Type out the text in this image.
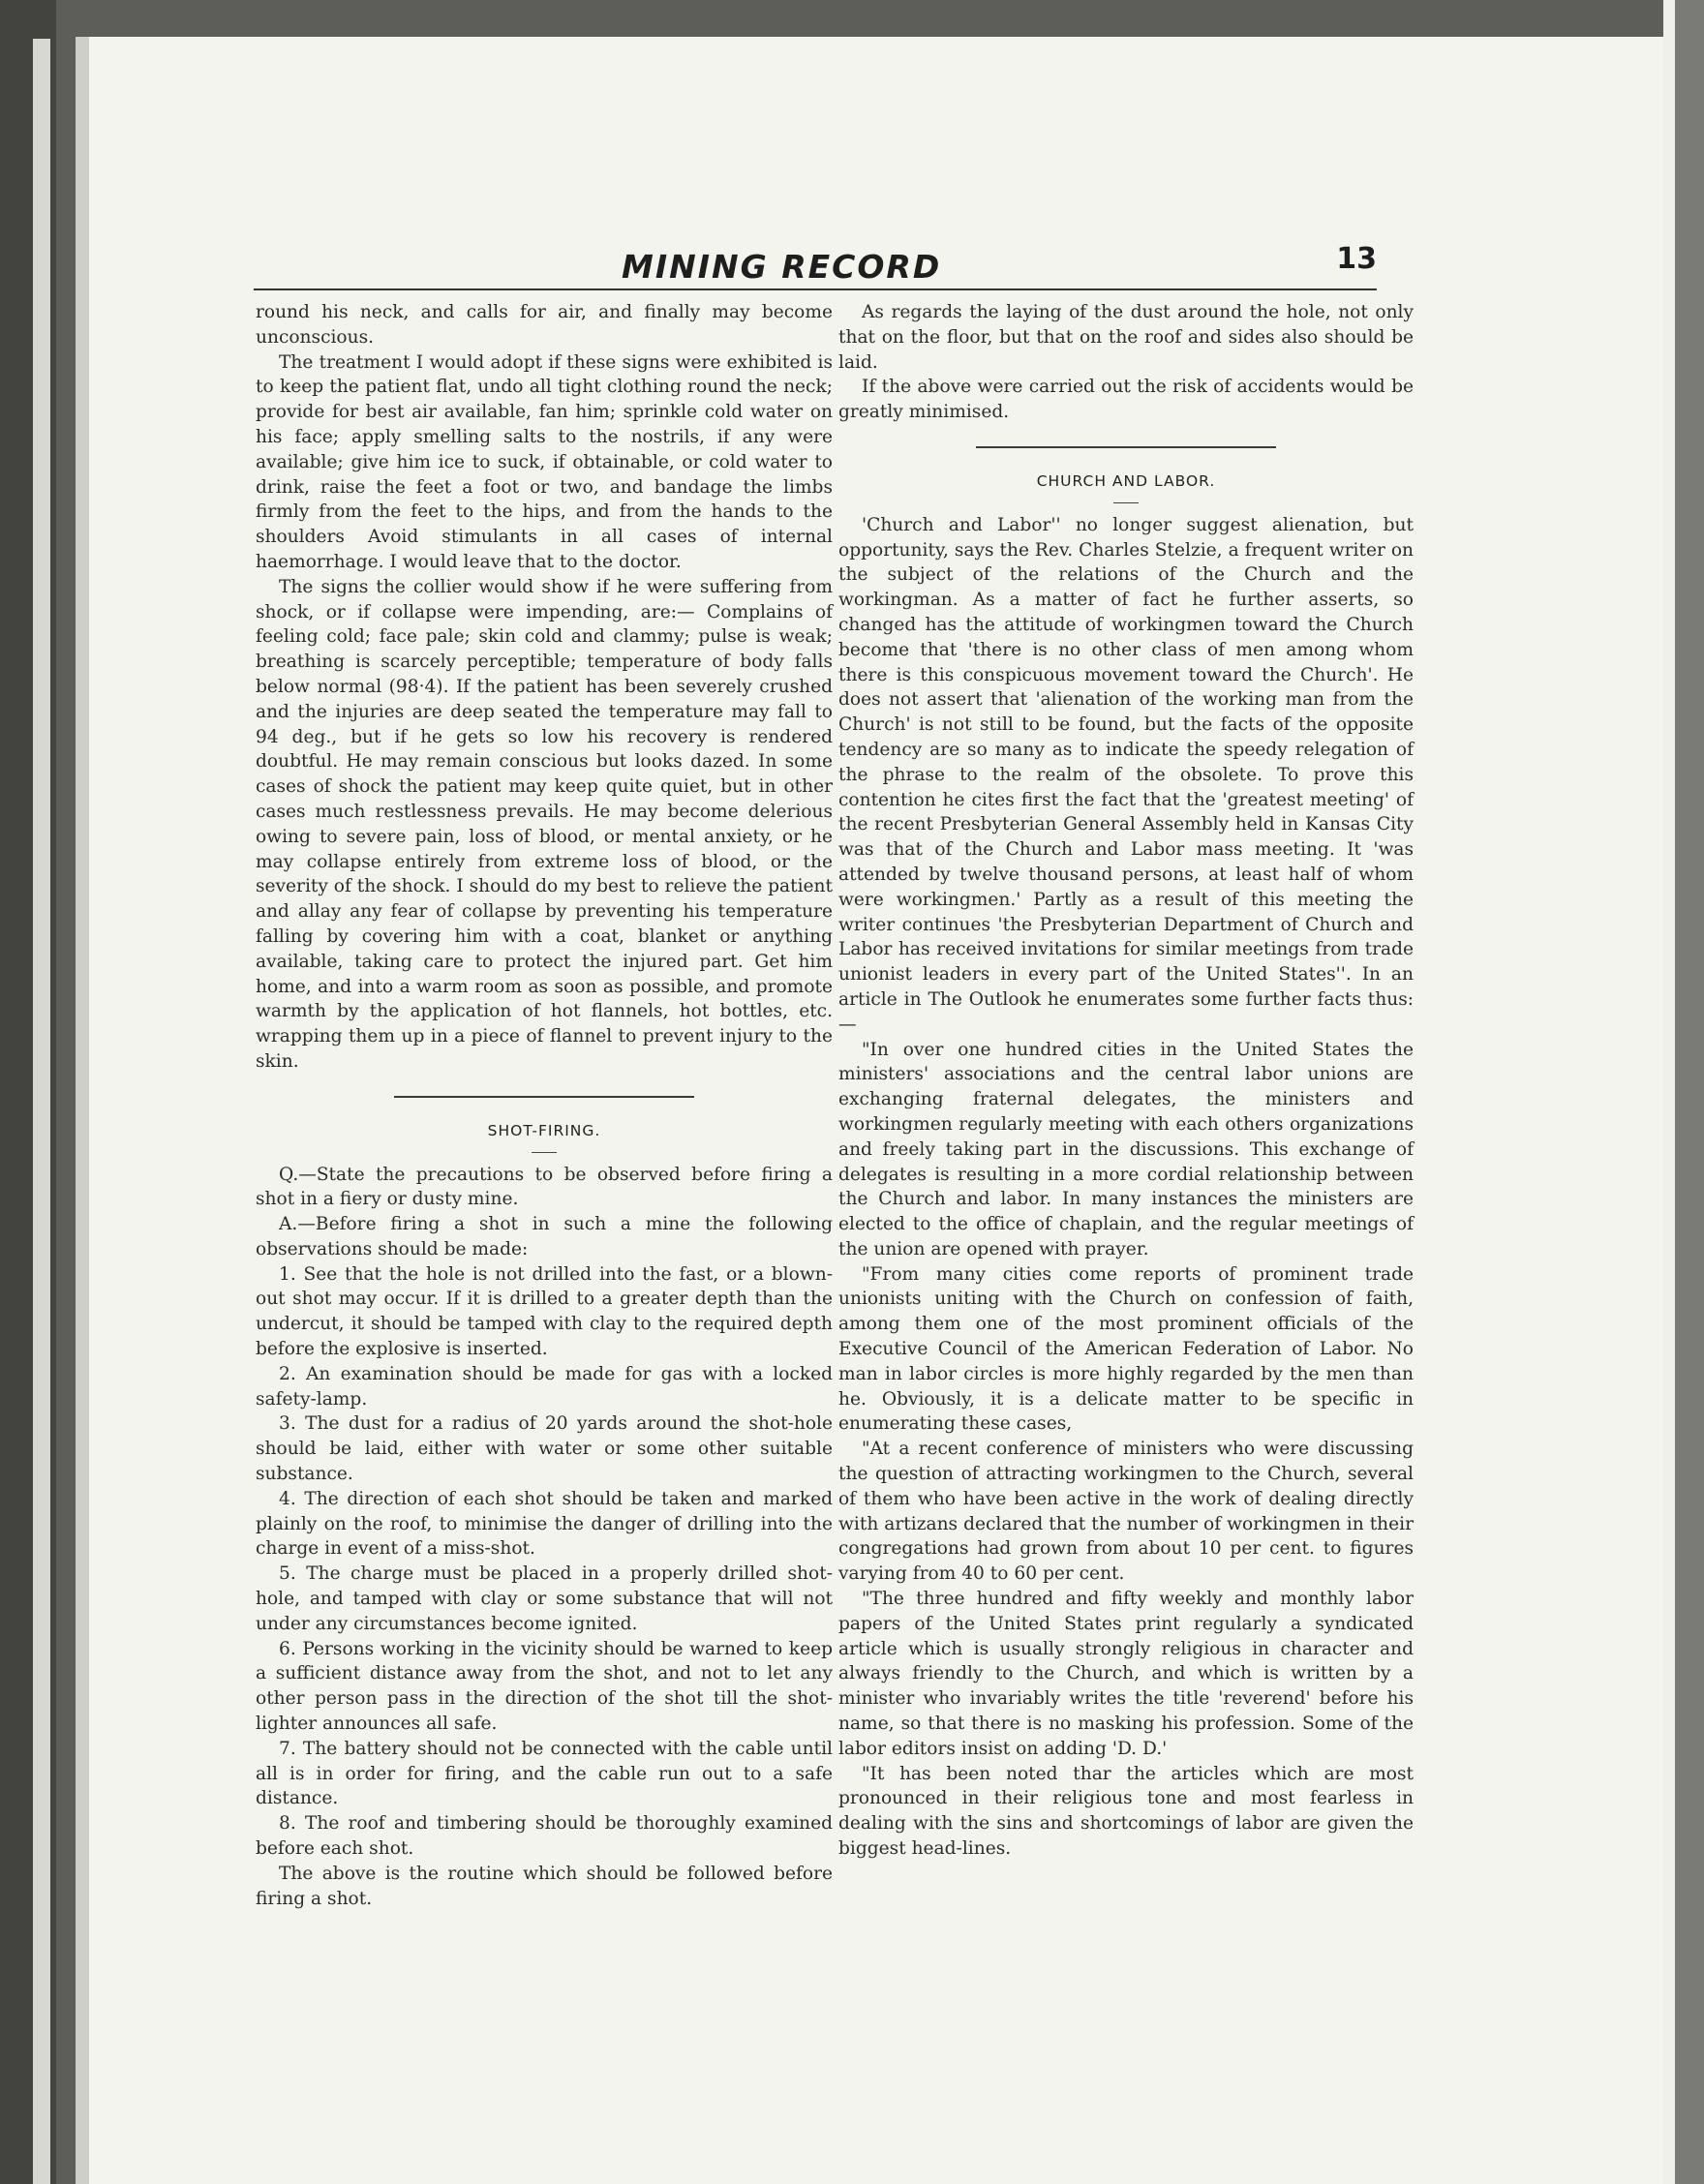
MINING RECORD	13

round his neck, and calls for air, and finally may become unconscious.

The treatment I would adopt if these signs were exhibited is to keep the patient flat, undo all tight clothing round the neck; provide for best air available, fan him; sprinkle cold water on his face; apply smelling salts to the nostrils, if any were available; give him ice to suck, if obtainable, or cold water to drink, raise the feet a foot or two, and bandage the limbs firmly from the feet to the hips, and from the hands to the shoulders Avoid stimulants in all cases of internal haemorrhage. I would leave that to the doctor.

The signs the collier would show if he were suffering from shock, or if collapse were impending, are:— Complains of feeling cold; face pale; skin cold and clammy; pulse is weak; breathing is scarcely perceptible; temperature of body falls below normal (98·4). If the patient has been severely crushed and the injuries are deep seated the temperature may fall to 94 deg., but if he gets so low his recovery is rendered doubtful. He may remain conscious but looks dazed. In some cases of shock the patient may keep quite quiet, but in other cases much restlessness prevails. He may become delerious owing to severe pain, loss of blood, or mental anxiety, or he may collapse entirely from extreme loss of blood, or the severity of the shock. I should do my best to relieve the patient and allay any fear of collapse by preventing his temperature falling by covering him with a coat, blanket or anything available, taking care to protect the injured part. Get him home, and into a warm room as soon as possible, and promote warmth by the application of hot flannels, hot bottles, etc. wrapping them up in a piece of flannel to prevent injury to the skin.

SHOT-FIRING.

Q.—State the precautions to be observed before firing a shot in a fiery or dusty mine.

A.—Before firing a shot in such a mine the following observations should be made:

1. See that the hole is not drilled into the fast, or a blown-out shot may occur. If it is drilled to a greater depth than the undercut, it should be tamped with clay to the required depth before the explosive is inserted.

2. An examination should be made for gas with a locked safety-lamp.

3. The dust for a radius of 20 yards around the shot-hole should be laid, either with water or some other suitable substance.

4. The direction of each shot should be taken and marked plainly on the roof, to minimise the danger of drilling into the charge in event of a miss-shot.

5. The charge must be placed in a properly drilled shot-hole, and tamped with clay or some substance that will not under any circumstances become ignited.

6. Persons working in the vicinity should be warned to keep a sufficient distance away from the shot, and not to let any other person pass in the direction of the shot till the shot-lighter announces all safe.

7. The battery should not be connected with the cable until all is in order for firing, and the cable run out to a safe distance.

8. The roof and timbering should be thoroughly examined before each shot.

The above is the routine which should be followed before firing a shot.

As regards the laying of the dust around the hole, not only that on the floor, but that on the roof and sides also should be laid.

If the above were carried out the risk of accidents would be greatly minimised.

CHURCH AND LABOR.

'Church and Labor'' no longer suggest alienation, but opportunity, says the Rev. Charles Stelzie, a frequent writer on the subject of the relations of the Church and the workingman. As a matter of fact he further asserts, so changed has the attitude of workingmen toward the Church become that 'there is no other class of men among whom there is this conspicuous movement toward the Church'. He does not assert that 'alienation of the working man from the Church' is not still to be found, but the facts of the opposite tendency are so many as to indicate the speedy relegation of the phrase to the realm of the obsolete. To prove this contention he cites first the fact that the 'greatest meeting' of the recent Presbyterian General Assembly held in Kansas City was that of the Church and Labor mass meeting. It 'was attended by twelve thousand persons, at least half of whom were workingmen.' Partly as a result of this meeting the writer continues 'the Presbyterian Department of Church and Labor has received invitations for similar meetings from trade unionist leaders in every part of the United States''. In an article in The Outlook he enumerates some further facts thus:—

"In over one hundred cities in the United States the ministers' associations and the central labor unions are exchanging fraternal delegates, the ministers and workingmen regularly meeting with each others organizations and freely taking part in the discussions. This exchange of delegates is resulting in a more cordial relationship between the Church and labor. In many instances the ministers are elected to the office of chaplain, and the regular meetings of the union are opened with prayer.

"From many cities come reports of prominent trade unionists uniting with the Church on confession of faith, among them one of the most prominent officials of the Executive Council of the American Federation of Labor. No man in labor circles is more highly regarded by the men than he. Obviously, it is a delicate matter to be specific in enumerating these cases,

"At a recent conference of ministers who were discussing the question of attracting workingmen to the Church, several of them who have been active in the work of dealing directly with artizans declared that the number of workingmen in their congregations had grown from about 10 per cent. to figures varying from 40 to 60 per cent.

"The three hundred and fifty weekly and monthly labor papers of the United States print regularly a syndicated article which is usually strongly religious in character and always friendly to the Church, and which is written by a minister who invariably writes the title 'reverend' before his name, so that there is no masking his profession. Some of the labor editors insist on adding 'D. D.'

"It has been noted thar the articles which are most pronounced in their religious tone and most fearless in dealing with the sins and shortcomings of labor are given the biggest head-lines.
